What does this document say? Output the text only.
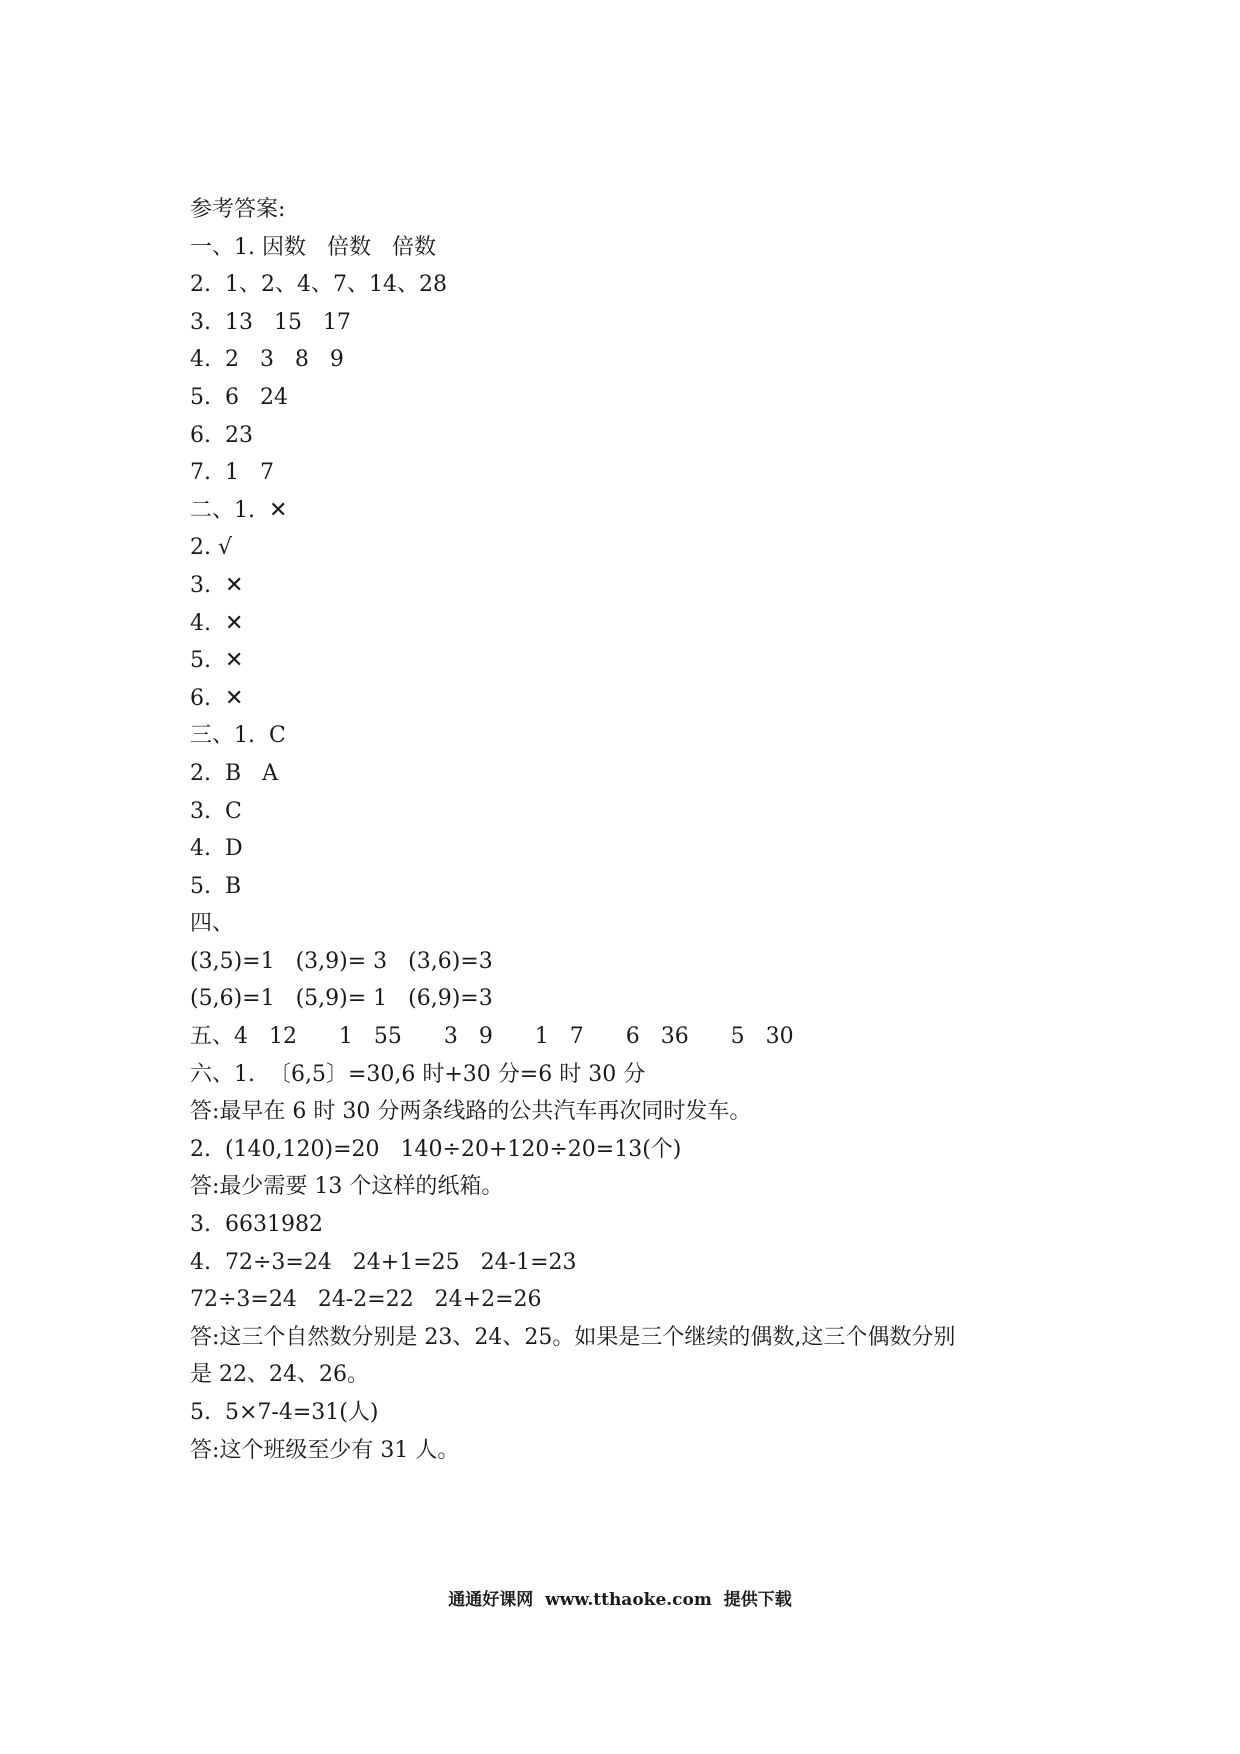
参考答案:
一、1. 因数   倍数   倍数
2.  1、2、4、7、14、28
3.  13   15   17
4.  2   3   8   9
5.  6   24
6.  23
7.  1   7
二、1.  ✕
2. √
3.  ✕
4.  ✕
5.  ✕
6.  ✕
三、1.  C
2.  B   A
3.  C
4.  D
5.  B
四、
(3,5)=1   (3,9)= 3   (3,6)=3
(5,6)=1   (5,9)= 1   (6,9)=3
五、4   12      1   55      3   9      1   7      6   36      5   30
六、1.  〔6,5〕=30,6 时+30 分=6 时 30 分
答:最早在 6 时 30 分两条线路的公共汽车再次同时发车。
2.  (140,120)=20   140÷20+120÷20=13(个)
答:最少需要 13 个这样的纸箱。
3.  6631982
4.  72÷3=24   24+1=25   24-1=23
72÷3=24   24-2=22   24+2=26
答:这三个自然数分别是 23、24、25。如果是三个继续的偶数,这三个偶数分别
是 22、24、26。
5.  5×7-4=31(人)
答:这个班级至少有 31 人。
通通好课网  www.tthaoke.com  提供下载
